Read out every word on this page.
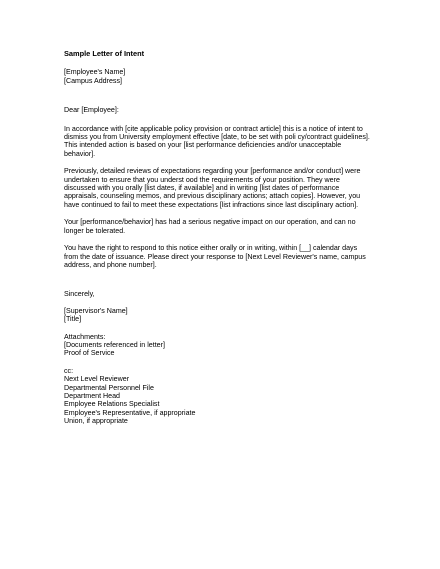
Sample Letter of Intent
[Employee's Name]
[Campus Address]
Dear [Employee]:
In accordance with [cite applicable policy provision or contract article] this is a notice of intent to
dismiss you from University employment effective [date, to be set with poli cy/contract guidelines].
This intended action is based on your [list performance deficiencies and/or unacceptable
behavior].
Previously, detailed reviews of expectations regarding your [performance and/or conduct] were
undertaken to ensure that you underst ood the requirements of your position. They were
discussed with you orally [list dates, if available] and in writing [list dates of performance
appraisals, counseling memos, and previous disciplinary actions; attach copies]. However, you
have continued to fail to meet these expectations [list infractions since last disciplinary action].
Your [performance/behavior] has had a serious negative impact on our operation, and can no
longer be tolerated.
You have the right to respond to this notice either orally or in writing, within [__] calendar days
from the date of issuance. Please direct your response to [Next Level Reviewer's name, campus
address, and phone number].
Sincerely,
[Supervisor's Name]
[Title]
Attachments:
[Documents referenced in letter]
Proof of Service
cc:
Next Level Reviewer
Departmental Personnel File
Department Head
Employee Relations Specialist
Employee's Representative, if appropriate
Union, if appropriate
